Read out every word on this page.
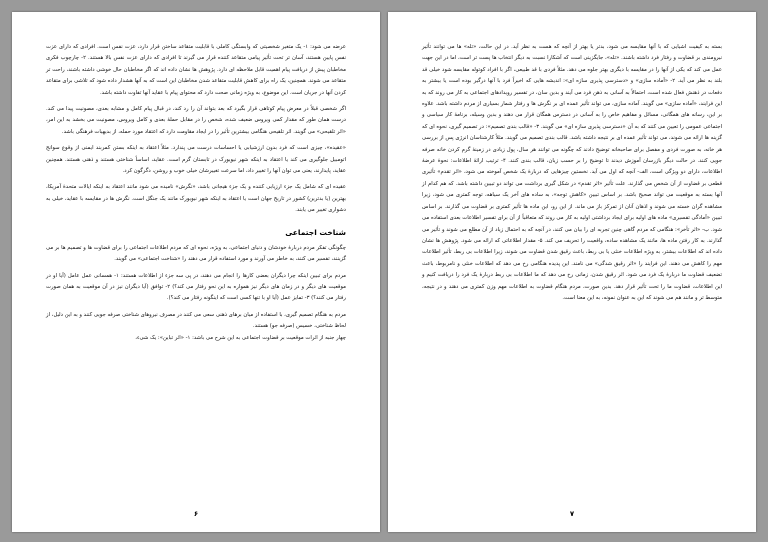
عرضه می شود: ۱- یک متغیر شخصیتی که وابستگی کاملی با قابلیت متقاعد ساختن قرار دارد، عزت نفس است. افرادی که دارای عزت نفس پایین هستند، آسان تر تحت تأثیر پیامی متقاعد کننده قرار می گیرند تا افرادی که دارای عزت نفس بالا هستند. ۲- چارچوب فکری مخاطبان پیش از دریافت پیام اهمیت قابل ملاحظه ای دارد. پژوهش ها نشان داده اند که اگر مخاطبان حال خوشی داشته باشند، راحت تر متقاعد می شوند. همچنین، یک راه برای کاهش قابلیت متقاعد شدن مخاطبان این است که به آنها هشدار داده شود که تلاشی برای متقاعد کردن آنها در جریان است. این موضوع، به ویژه زمانی صحت دارد که محتوای پیام با عقاید آنها تفاوت داشته باشد.

اگر شخصی قبلاً در معرض پیام کوتاهی قرار بگیرد که بعد بتواند آن را رد کند، در قبال پیام کامل و مشابه بعدی، مصونیت پیدا می کند. درست همان طور که مقدار کمی ویروس ضعیف شده، شخص را در مقابل حملهٔ بعدی و کامل ویروس، مصونیت می بخشد به این امر، «اثر تلقیحی» می گویند. اثر تلقیحی هنگامی بیشترین تأثیر را در ایجاد مقاومت دارد که اعتقاد مورد حمله، از بدیهیات فرهنگی باشد.

«عقیده»، چیزی است که فرد بدون ارزشیابی یا احساسات درست می پندارد. مثلاً اعتقاد به اینکه بستن کمربند ایمنی از وقوع سوانح اتومبیل جلوگیری می کند یا اعتقاد به اینکه شهر نیویورک در تابستان گرم است. عقاید، اساساً شناختی هستند و ذهنی هستند. همچنین عقاید، پایدارند، یعنی می توان آنها را تغییر داد، اما سرعت تغییرشان خیلی خوب و روشن، دگرگون کرد.

عقیده ای که شامل یک جزء ارزیابی کننده و یک جزء هیجانی باشد، «نگرش» نامیده می شود مانند اعتقاد به اینکه ایالات متحدهٔ آمریکا، بهترین (یا بدترین) کشور در تاریخ جهان است یا اعتقاد به اینکه شهر نیویورک مانند یک جنگل است. نگرش ها در مقایسه با عقاید، خیلی به دشواری تغییر می یابند.

شناخت اجتماعی

چگونگی تفکر مردم دربارهٔ خودشان و دنیای اجتماعی، به ویژه، نحوه ای که مردم اطلاعات اجتماعی را برای قضاوت ها و تصمیم ها بر می گزینند، تفسیر می کنند، به خاطر می آورند و مورد استفاده قرار می دهند را «شناخت اجتماعی» می گویند.

مردم برای تبیین اینکه چرا دیگران بعضی کارها را انجام می دهند، در پی سه جزء از اطلاعات هستند: ۱- همسانی عمل عامل (آیا او در موقعیت های دیگر و در زمان های دیگر نیز همواره به این نحو رفتار می کند؟) ۲- توافق (آیا دیگران نیز در آن موقعیت به همان صورت رفتار می کنند؟) ۳- تمایز عمل (آیا او با تنها کسی است که اینگونه رفتار می کند؟).

مردم به هنگام تصمیم گیری، با استفاده از میان برهای ذهنی سعی می کنند در مصرف نیروهای شناختی صرفه جویی کنند و به این دلیل، از لحاظ شناختی، خسیس (صرفه جو) هستند.

چهار جنبه از اثرات موقعیت بر قضاوت اجتماعی به این شرح می باشد: ۱- «اثر تباین»: یک شیء،

۶

بسته به کیفیت اشیایی که با آنها مقایسه می شود، بدتر یا بهتر از آنچه که هست به نظر آید. در این حالت، «تله» ها می توانند تأثیر نیرومندی بر قضاوت و رفتار فرد داشته باشند. «تله»، جایگزینی است که آشکارا نسبت به دیگر انتخاب ها پست تر است، اما در این جهت عمل می کند که یکی از آنها را در مقایسه با دیگری بهتر جلوه می دهد. مثلاً فردی با قد طبیعی، اگر با افراد کوتوله مقایسه شود خیلی قد بلند به نظر می آید. ۲- «آماده سازی» و «دسترسی پذیری سازه ای»: اندیشه هایی که اخیراً فرد با آنها درگیر بوده است یا بیشتر به دفعات در ذهنش فعال شده است، احتمالاً به آسانی به ذهن فرد می آیند و بدین سان، در تفسیر رویدادهای اجتماعی به کار می روند که به این فرایند، «آماده سازی» می گویند. آماده سازی، می تواند تأثیر عمده ای بر نگرش ها و رفتار شمار بسیاری از مردم داشته باشد. علاوه بر این، رسانه های همگانی، مسائل و مفاهیم خاص را به آسانی در دسترس همگان قرار می دهند و بدین وسیله، برنامهٔ کار سیاسی و اجتماعی عمومی را تعیین می کنند که به آن «دسترسی پذیری سازه ای» می گویند. ۳- «قالب بندی تصمیم»: در تصمیم گیری، نحوه ای که گزینه ها ارائه می شوند، می تواند تأثیر عمده ای بر نتیجه داشته باشد. قالب بندی تصمیم می گویند. مثلاً کارشناسان انرژی پس از بررسی هر خانه، به صورت فردی و مفصل برای صاحبخانه توضیح دادند که چگونه می توانند هر سال، پول زیادی در زمینهٔ گرم کردن خانه صرفه جویی کنند. در حالت دیگر بازرسان آموزش دیدند تا توضیح را بر حسب زیان، قالب بندی کنند. ۴- ترتیب ارائهٔ اطلاعات: نحوهٔ عرضهٔ اطلاعات، دارای دو ویژگی است، الف- آنچه که اول می آید. نخستین چیزهایی که دربارهٔ یک شخص آموخته می شود، «اثر تقدم» تأثیری قطعی بر قضاوت از آن شخص می گذارند. علت تأثیر «اثر تقدم» در شکل گیری برداشت می تواند دو تبیین داشته باشد. که هم کدام از آنها بسته به موقعیت می تواند صحیح باشد. بر اساس تبیین «کاهش توجه»، به ساده های آخر یک سیاهه، توجه کمتری می شود، زیرا مشاهده گران خسته می شوند و اذهان آنان از تمرکز باز می ماند. از این رو، این ماده ها تأثیر کمتری بر قضاوت می گذارند. بر اساس تبیین «آمادگی تفسیری» ماده های اولیه برای ایجاد برداشتی اولیه به کار می روند که متعاقباً از آن برای تفسیر اطلاعات بعدی استفاده می شود. ب- «اثر تأخر»: هنگامی که مردم گاهی چنین تجربه ای را بیان می کنند، در آنچه که به احتمال زیاد از آن مطلع می شوند و تأثیر می گذارند. به کار رفتن ماده ها، مانند یک مشاهده ساده، واقعیت را تحریف می کند. ۵- مقدار اطلاعاتی که ارائه می شود. پژوهش ها نشان داده اند که اطلاعات بیشتر، به ویژه اطلاعات خنثی یا بی ربط، باعث رقیق شدن قضاوت می شوند، زیرا اطلاعات بی ربط، تأثیر اطلاعات مهم را کاهش می دهند. این فرایند را «اثر رقیق شدگی» می نامند. این پدیده هنگامی رخ می دهد که اطلاعات خنثی و نامربوط، باعث تضعیف قضاوت ما دربارهٔ یک فرد می شود. اثر رقیق شدن، زمانی رخ می دهد که ما اطلاعات بی ربط دربارهٔ یک فرد را دریافت کنیم و این اطلاعات، قضاوت ما را تحت تأثیر قرار دهد. بدین صورت، مردم هنگام قضاوت به اطلاعات مهم وزن کمتری می دهند و در نتیجه، متوسط تر و مانند هم می شوند که این به عنوان نمونه، به این معنا است.

۷
